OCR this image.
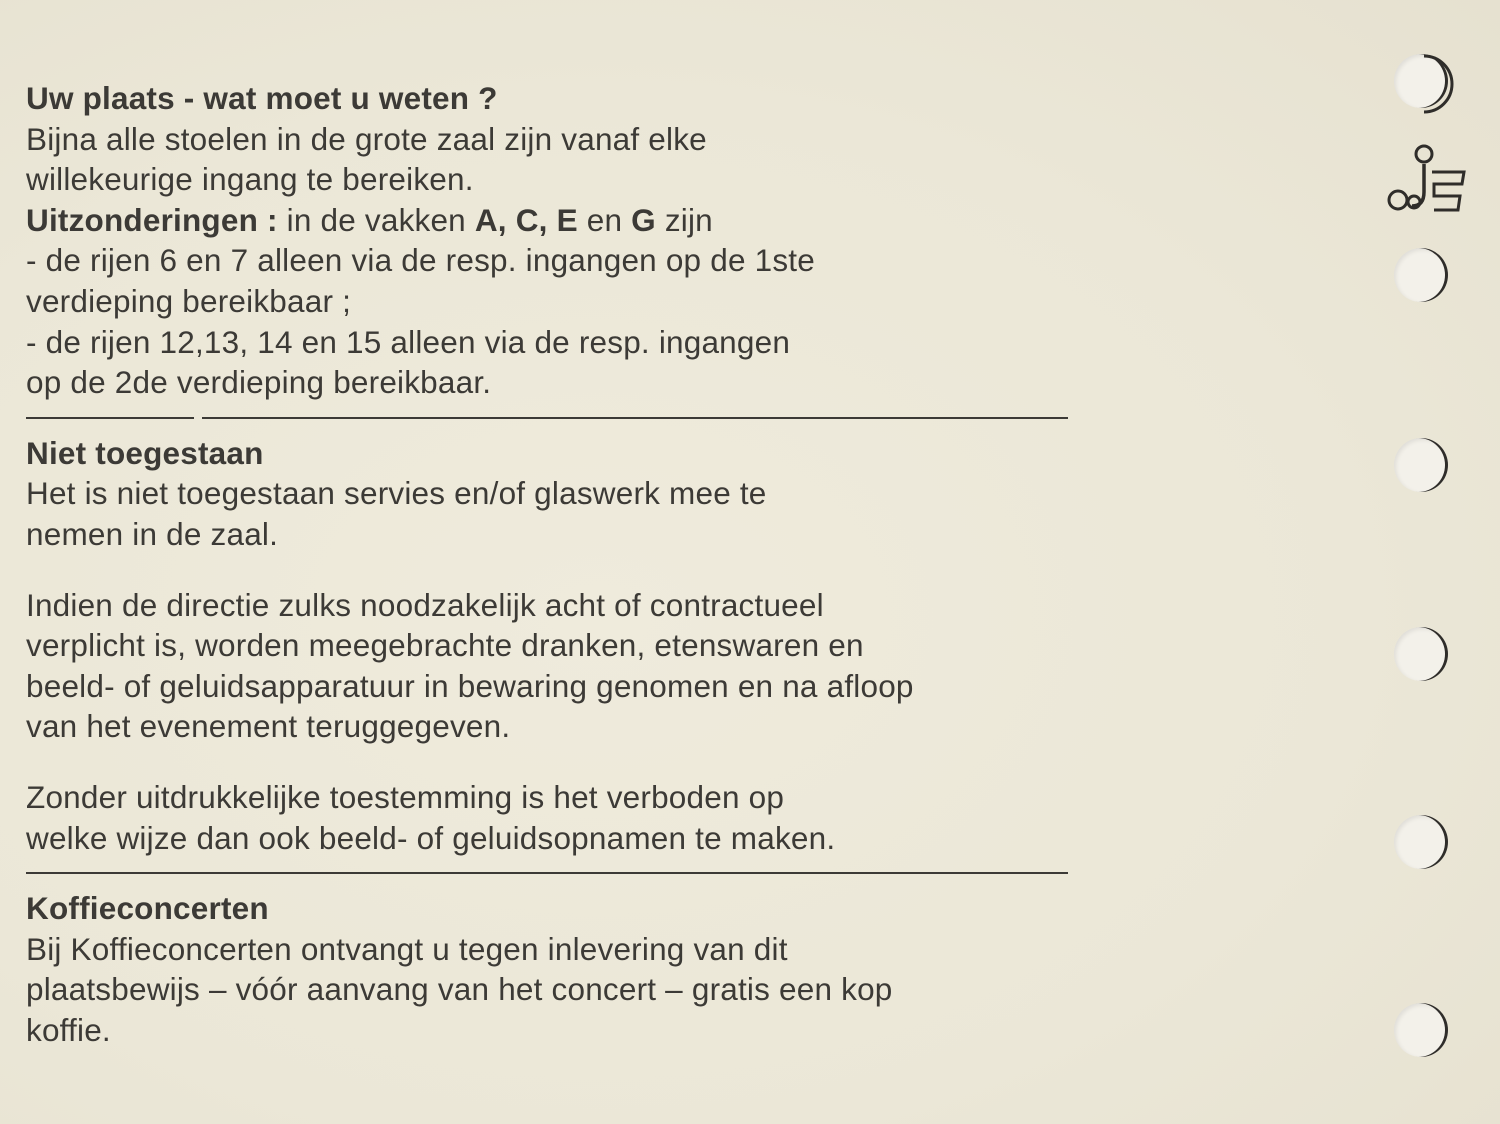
Uw plaats - wat moet u weten ?
Bijna alle stoelen in de grote zaal zijn vanaf elke
willekeurige ingang te bereiken.
Uitzonderingen : in de vakken A, C, E en G zijn
- de rijen 6 en 7 alleen via de resp. ingangen op de 1ste
verdieping bereikbaar ;
- de rijen 12,13, 14 en 15 alleen via de resp. ingangen
op de 2de verdieping bereikbaar.
Niet toegestaan
Het is niet toegestaan servies en/of glaswerk mee te
nemen in de zaal.
Indien de directie zulks noodzakelijk acht of contractueel
verplicht is, worden meegebrachte dranken, etenswaren en
beeld- of geluidsapparatuur in bewaring genomen en na afloop
van het evenement teruggegeven.
Zonder uitdrukkelijke toestemming is het verboden op
welke wijze dan ook beeld- of geluidsopnamen te maken.
Koffieconcerten
Bij Koffieconcerten ontvangt u tegen inlevering van dit
plaatsbewijs – vóór aanvang van het concert – gratis een kop
koffie.
